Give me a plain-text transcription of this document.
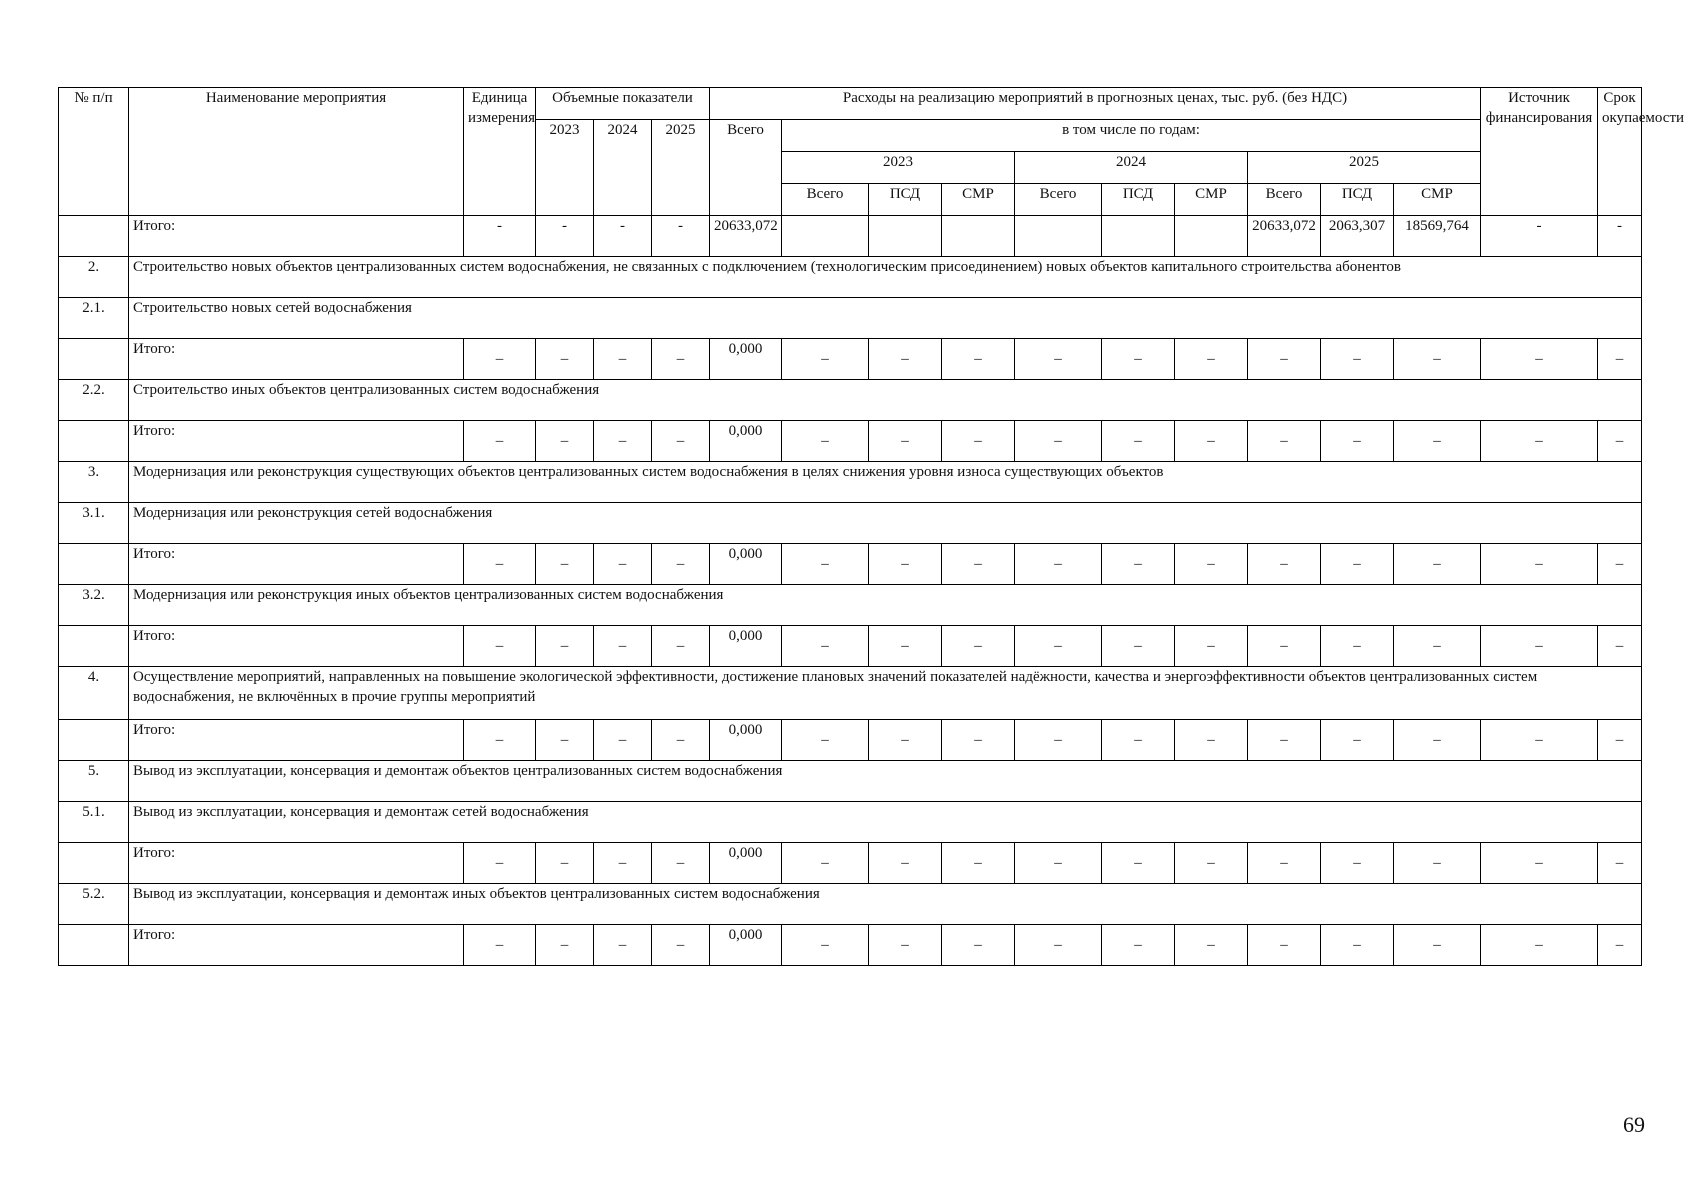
№ п/п	Наименование мероприятия	Единица измерения	Объемные показатели			Расходы на реализацию мероприятий в прогнозных ценах, тыс. руб. (без НДС)										Источник финансирования	Срок окупаемости
			2023	2024	2025	Всего	в том числе по годам:										
							2023			2024			2025				
							Всего	ПСД	СМР	Всего	ПСД	СМР	Всего	ПСД	СМР		
	Итого:	-	-	-	-	20633,072							20633,072	2063,307	18569,764	-	-
2.	Строительство новых объектов централизованных систем водоснабжения, не связанных с подключением (технологическим присоединением) новых объектов капитального строительства абонентов																
2.1.	Строительство новых сетей водоснабжения																
	Итого:	–	–	–	–	0,000	–	–	–	–	–	–	–	–	–	–	–
2.2.	Строительство иных объектов централизованных систем водоснабжения																
	Итого:	–	–	–	–	0,000	–	–	–	–	–	–	–	–	–	–	–
3.	Модернизация или реконструкция существующих объектов централизованных систем водоснабжения в целях снижения уровня износа существующих объектов																
3.1.	Модернизация или реконструкция сетей водоснабжения																
	Итого:	–	–	–	–	0,000	–	–	–	–	–	–	–	–	–	–	–
3.2.	Модернизация или реконструкция иных объектов централизованных систем водоснабжения																
	Итого:	–	–	–	–	0,000	–	–	–	–	–	–	–	–	–	–	–
4.	Осуществление мероприятий, направленных на повышение экологической эффективности, достижение плановых значений показателей надёжности, качества и энергоэффективности объектов централизованных систем водоснабжения, не включённых в прочие группы мероприятий																
	Итого:	–	–	–	–	0,000	–	–	–	–	–	–	–	–	–	–	–
5.	Вывод из эксплуатации, консервация и демонтаж объектов централизованных систем водоснабжения																
5.1.	Вывод из эксплуатации, консервация и демонтаж сетей водоснабжения																
	Итого:	–	–	–	–	0,000	–	–	–	–	–	–	–	–	–	–	–
5.2.	Вывод из эксплуатации, консервация и демонтаж иных объектов централизованных систем водоснабжения																
	Итого:	–	–	–	–	0,000	–	–	–	–	–	–	–	–	–	–	–
69
